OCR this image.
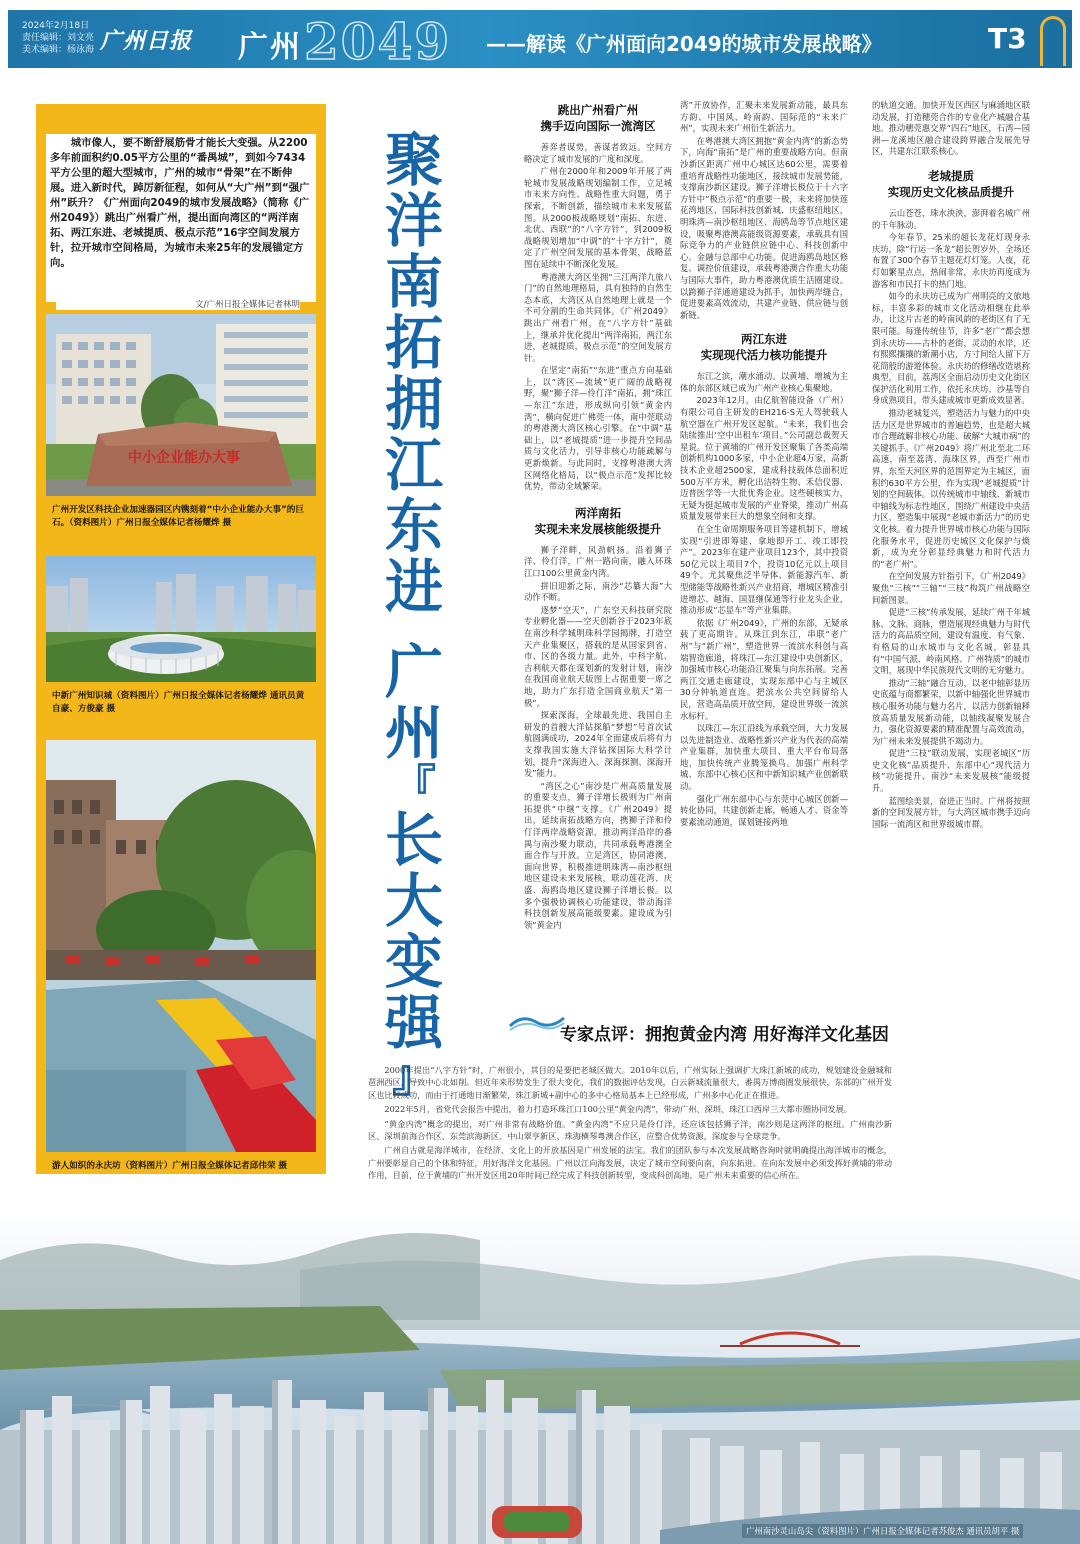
2024年2月18日
责任编辑：刘文亮
美术编辑：杨泳海 广州日报 2049
广州	——解读《广州面向2049的城市发展战略》	T3

城市像人，要不断舒展筋骨才能长大变强。从2200多年前面积约0.05平方公里的“番禺城”，到如今7434平方公里的超大型城市，广州的城市“骨架”在不断伸展。进入新时代，踔厉新征程，如何从“大广州”到“强广州”跃升？《广州面向2049的城市发展战略》（简称《广州2049》）跳出广州看广州，提出面向湾区的“两洋南拓、两江东进、老城提质、极点示范”16字空间发展方针，拉开城市空间格局，为城市未来25年的发展锚定方向。

文/广州日报全媒体记者林明
中小企业能办大事
广州开发区科技企业加速器园区内镌刻着“中小企业能办大事”的巨石。（资料图片）广州日报全媒体记者杨耀烨 摄
中新广州知识城（资料图片）广州日报全媒体记者杨耀烨 通讯员黄自豪、方俊豪 摄
游人如织的永庆坊（资料图片）广州日报全媒体记者邱伟荣 摄
聚洋南拓拥江东进
广州
『
长大变强
』
跳出广州看广州
携手迈向国际一流湾区

善弈者谋势，善谋者致远。空间方略决定了城市发展的广度和深度。

广州在2000年和2009年开展了两轮城市发展战略规划编制工作，立足城市未来方向性、战略性重大问题，勇于探索，不断创新，描绘城市未来发展蓝图。从2000板战略规划“南拓、东进、北优、西联”的“八字方针”，到2009板战略规划增加“中调”的“十字方针”，奠定了广州空间发展的基本骨架，战略蓝图在延续中不断深化发展。

粤港澳大湾区坐拥“三江两洋九旅八门”的自然地理格局，具有独特的自然生态本底，大湾区从自然地理上就是一个不可分割的生命共同体。《广州2049》跳出广州看广州，在“八字方针”基础上，继承并优化提出“两洋南拓，两江东进，老城提质，极点示范”的空间发展方针。

在坚定“南拓”“东进”重点方向基础上，以“湾区—流域”更广阔的战略视野，聚“狮子洋—伶仃洋”南拓，拥“珠江—东江”东进，形成纵向引领“黄金内湾”，横向促进广佛莞一体，南中莞联动的粤港澳大湾区核心引擎。在“中调”基础上，以“老城提质”进一步提升空间品质与文化活力，引导非核心功能疏解与更新焕新。与此同时，支撑粤港澳大湾区网络化格局，以“极点示范”发挥比较优势，带动全域繁荣。

两洋南拓
实现未来发展核能级提升

狮子洋畔，风劲帆扬。沿着狮子洋、伶仃洋，广州一路向南，融入环珠江口100公里黄金内湾。

拼旧迎新之际，南沙“芯纂大海”大动作不断。

逐梦“空天”，广东空天科技研究院专业孵化器——空天创新谷于2023年底在南沙科学城明珠科学园揭牌，打造空天产业集聚区，搭载的是从国家到省、市、区的各级力量。此外，中科宇航、吉利航天都在谋划新的发射计划，南沙在我国商业航天版图上占据重要一席之地，助力广东打造全国商业航天“第一极”。

探索深海，全球最先进、我国自主研发的首艘大洋钻探船“梦想”号首次试航圆满成功，2024年全面建成后将有力支撑我国实施大洋钻探国际大科学计划，提升“深海进入、深海探测、深海开发”能力。

“湾区之心”南沙是广州高质量发展的重要支点，狮子洋增长极则为广州南拓提供“中继”支撑。《广州2049》提出，延续南拓战略方向，携狮子洋和伶仃洋两岸战略资源，推动两洋沿岸的番禺与南沙聚力联动，共同承载粤港澳全面合作与开放。立足湾区，协同港澳，面向世界，积极推进明珠湾—南沙枢纽地区建设未来发展核，联动莲花湾、庆盛、海鸥岛地区建设狮子洋增长极。以多个强极协调核心功能建设，带动海洋科技创新发展高能级要素。建设成为引领“黄金内

湾”开放协作，汇聚未来发展新动能，最具东方韵、中国风、岭南韵、国际范的“未来广州”，实现未来广州衍生新活力。

在粤港澳大湾区拥抱“黄金内湾”的新态势下，向海“南拓”是广州的重要战略方向。但南沙新区距离广州中心城区达60公里，需要着重培育战略性功能地区，接续城市发展势能，支撑南沙新区建设。狮子洋增长极位于十六字方针中“极点示范”的重要一极，未来将加快莲花湾地区、国际科技创新城、庆盛枢纽地区，明珠湾—南沙枢纽地区、海鸥岛等节点地区建设，吸聚粤港澳高能级资源要素，承载具有国际竞争力的产业链供应链中心、科技创新中心、金融与总部中心功能。促进海鸥岛地区修复、调控价值建设，承载粤港澳合作重大功能与国际大事件，助力粤港澳优质生活圈建设。以跨狮子洋通道建设为抓手，加快两岸缝合，促进要素高效流动，共建产业链、供应链与创新链。

两江东进
实现现代活力核功能提升

东江之滨，潮水涌动。以黄埔、增城为主体的东部区域已成为广州产业核心集聚地。

2023年12月，由亿航智能设备（广州）有限公司自主研发的EH216-S无人驾驶载人航空器在广州开发区起航。“未来，我们也会陆续推出‘空中出租车’项目。”公司副总裁贺天星说。位于黄埔的广州开发区聚集了各类高端创新机构1000多家，中小企业超4万家，高新技术企业超2500家，建成科技载体总面积近500万平方米，孵化出洁特生物、禾信仪器、迈普医学等一大批优秀企业。这些硬核实力，无疑为挺起城市发展的产业脊梁，推动广州高质量发展带来巨大的想象空间和支撑。

在全生命周期服务项目等建机制下，增城实现“引进即筹建、拿地即开工、竣工即投产”。2023年在建产业项目123个，其中投资50亿元以上项目7个，投资10亿元以上项目49个。尤其聚焦泛半导体、新能源汽车、新型储能等战略性新兴产业招商，增城区精准引进增芯、越海、国显继保通等行业龙头企业，推动形成“芯显车”等产业集群。

依据《广州2049》，广州的东部，无疑承载了更高期许。从珠江到东江，串联“老广州”与“新广州”，塑造世界一流滨水科创与高端智造廊道，将珠江—东江建设中央创新区，加强城市核心功能沿江聚集与向东拓展。完善两江交通走廊建设，实现东部中心与主城区30分钟轨道直连。把滨水公共空间留给人民，营造高品质开放空间，建设世界级一流滨水标杆。

以珠江—东江沿线为承载空间，大力发展以先进制造业、战略性新兴产业为代表的高端产业集群，加快重大项目、重大平台布局落地，加快传统产业腾笼换鸟。加强广州科学城、东部中心核心区和中新知识城产业创新联动。

强化广州东部中心与东莞中心城区创新—转化协同，共建创新走廊，畅通人才、资金等要素流动通道，谋划链接两地

的轨道交通。加快开发区西区与麻涌地区联动发展，打造穗莞合作的专业化产城融合基地。推动穗莞惠交界“四石”地区，石湾—园洲—龙溪地区融合建设跨界融合发展先导区，共建东江联系核心。

老城提质
实现历史文化核品质提升

云山苍苍，珠水泱泱，澎湃着名城广州的千年脉动。

今年春节，25米的超长龙花灯现身永庆坊，除“行运一条龙”超长贺岁外，全场还布置了300个春节主题花灯灯笼。人夜，花灯如繁星点点，热闹非常，永庆坊再度成为游客和市民打卡的热门地。

如今的永庆坊已成为广州明亮的文旅地标，丰富多彩的城市文化活动相继在此举办，让这片古老的岭南风韵的老街区有了无限可能。每逢传统佳节，许多“老广”都会想到永庆坊——古朴的老街，灵动的水岸，还有熙熙攘攘的新潮小店，方寸间给人留下万花筒般的游遊体验。永庆坊的修缮改造堪称典型，目前，荔湾区全面启动历史文化街区保护活化利用工作，依托永庆坊、沙基等自身成熟项目，带头建成城市更新成效显著。

推动老城复兴，塑造活力与魅力的中央活力区是世界城市的普遍趋势，也是超大城市合理疏解非核心功能、破解“大城市病”的关键抓手。《广州2049》将广州北至北二环高速，南至荔湾、海珠区界，西至广州市界，东至天河区界的范围界定为主城区，面积约630平方公里，作为实现“老城提质”计划的空间载体。以传统城市中轴线、新城市中轴线为标志性地区，围绕广州建设中央活力区，塑造集中展现“老城市新活力”的历史文化核。着力提升世界城市核心功能与国际化服务水平，促进历史城区文化保护与焕新，成为充分彰显经典魅力和时代活力的“老广州”。

在空间发展方针指引下，《广州2049》聚焦“三核”“三轴”“三枝”构筑广州战略空间新图景。

促进“三核”传承发展，延续广州千年城脉、文脉、商脉，塑造展现经典魅力与时代活力的高品质空间，建设有温度、有气象、有格局的山水城市与文化名城，彰显具有“中国气派、岭南风格、广州特质”的城市文明，展现中华民族现代文明的无穷魅力。

推动“三轴”融合互动，以老中轴彰显历史底蕴与商都繁荣，以新中轴强化世界城市核心服务功能与魅力名片，以活力创新轴释放高质量发展新动能，以轴线凝聚发展合力，强化资源要素的精准配置与高效流动，为广州未来发展提供不竭动力。

促进“三枝”联动发展，实现老城区“历史文化核”品质提升、东部中心“现代活力核”功能提升、南沙“未来发展核”能级提升。

蓝图绘美景，奋进正当时。广州将按照新的空间发展方针，与大湾区城市携手迈向国际一流湾区和世界级城市群。

专家点评：拥抱黄金内湾 用好海洋文化基因

2000年提出“八字方针”时，广州很小，其目的是要把老城区做大。2010年以后，广州实际上强调扩大珠江新城的成功，规划建设金融城和琶洲西区，导致中心北如削。但近年来形势发生了很大变化，我们的数据评估发现，白云新城流量很大，番禺万博商圈发展很快，东部的广州开发区也比较成功，而由于打通地日渐繁荣，珠江新城+副中心的多中心格局基本上已经形成，广州多中心化正在推进。

2022年5月，省党代会报告中提出，着力打造环珠江口100公里“黄金内湾”，带动广州、深圳、珠江口西岸三大都市圈协同发展。

“黄金内湾”概念的提出，对广州非常有战略价值。“黄金内湾”不应只是伶仃洋，还应该包括狮子洋，南沙则是这两洋的枢纽。广州南沙新区、深圳前海合作区、东莞滨海新区、中山翠亨新区、珠海横琴粤澳合作区，应整合优势资源，深度参与全球竞争。

广州自古就是海洋城市，在经济、文化上的开放基因是广州发展的法宝。我们的团队参与本次发展战略咨询时就明确提出海洋城市的概念，广州要彰显自己的个体和特征，用好海洋文化基因。广州以江向海发展，决定了城市空间要向南，向东拓进。在向东发展中必须发挥好黄埔的带动作用，目前，位于黄埔的广州开发区用20年时间已经完成了科技创新转型，变成科创高地，是广州未来重要的信心所在。

广州南沙灵山岛尖（资料图片）广州日报全媒体记者苏俊杰 通讯员胡平 摄
